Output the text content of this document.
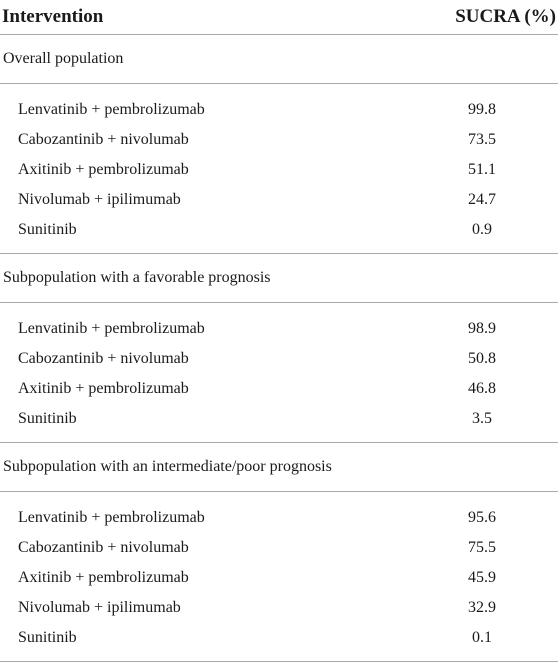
Intervention	SUCRA (%)
Overall population
Lenvatinib + pembrolizumab	99.8
Cabozantinib + nivolumab	73.5
Axitinib + pembrolizumab	51.1
Nivolumab + ipilimumab	24.7
Sunitinib	0.9
Subpopulation with a favorable prognosis
Lenvatinib + pembrolizumab	98.9
Cabozantinib + nivolumab	50.8
Axitinib + pembrolizumab	46.8
Sunitinib	3.5
Subpopulation with an intermediate/poor prognosis
Lenvatinib + pembrolizumab	95.6
Cabozantinib + nivolumab	75.5
Axitinib + pembrolizumab	45.9
Nivolumab + ipilimumab	32.9
Sunitinib	0.1
